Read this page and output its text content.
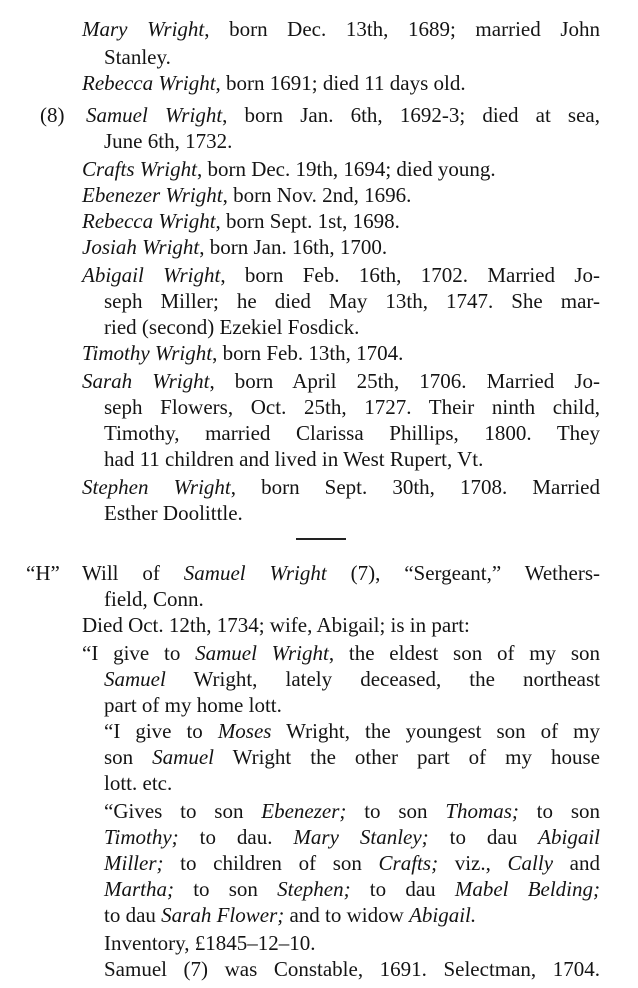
Mary Wright, born Dec. 13th, 1689; married John
Stanley.
Rebecca Wright, born 1691; died 11 days old.
(8) Samuel Wright, born Jan. 6th, 1692-3; died at sea,
June 6th, 1732.
Crafts Wright, born Dec. 19th, 1694; died young.
Ebenezer Wright, born Nov. 2nd, 1696.
Rebecca Wright, born Sept. 1st, 1698.
Josiah Wright, born Jan. 16th, 1700.
Abigail Wright, born Feb. 16th, 1702. Married Jo-
seph Miller; he died May 13th, 1747. She mar-
ried (second) Ezekiel Fosdick.
Timothy Wright, born Feb. 13th, 1704.
Sarah Wright, born April 25th, 1706. Married Jo-
seph Flowers, Oct. 25th, 1727. Their ninth child,
Timothy, married Clarissa Phillips, 1800. They
had 11 children and lived in West Rupert, Vt.
Stephen Wright, born Sept. 30th, 1708. Married
Esther Doolittle.
“H” Will of Samuel Wright (7), “Sergeant,” Wethers-
field, Conn.
Died Oct. 12th, 1734; wife, Abigail; is in part:
“I give to Samuel Wright, the eldest son of my son
Samuel Wright, lately deceased, the northeast
part of my home lott.
“I give to Moses Wright, the youngest son of my
son Samuel Wright the other part of my house
lott. etc.
“Gives to son Ebenezer; to son Thomas; to son
Timothy; to dau. Mary Stanley; to dau Abigail
Miller; to children of son Crafts; viz., Cally and
Martha; to son Stephen; to dau Mabel Belding;
to dau Sarah Flower; and to widow Abigail.
Inventory, £1845–12–10.
Samuel (7) was Constable, 1691. Selectman, 1704.
